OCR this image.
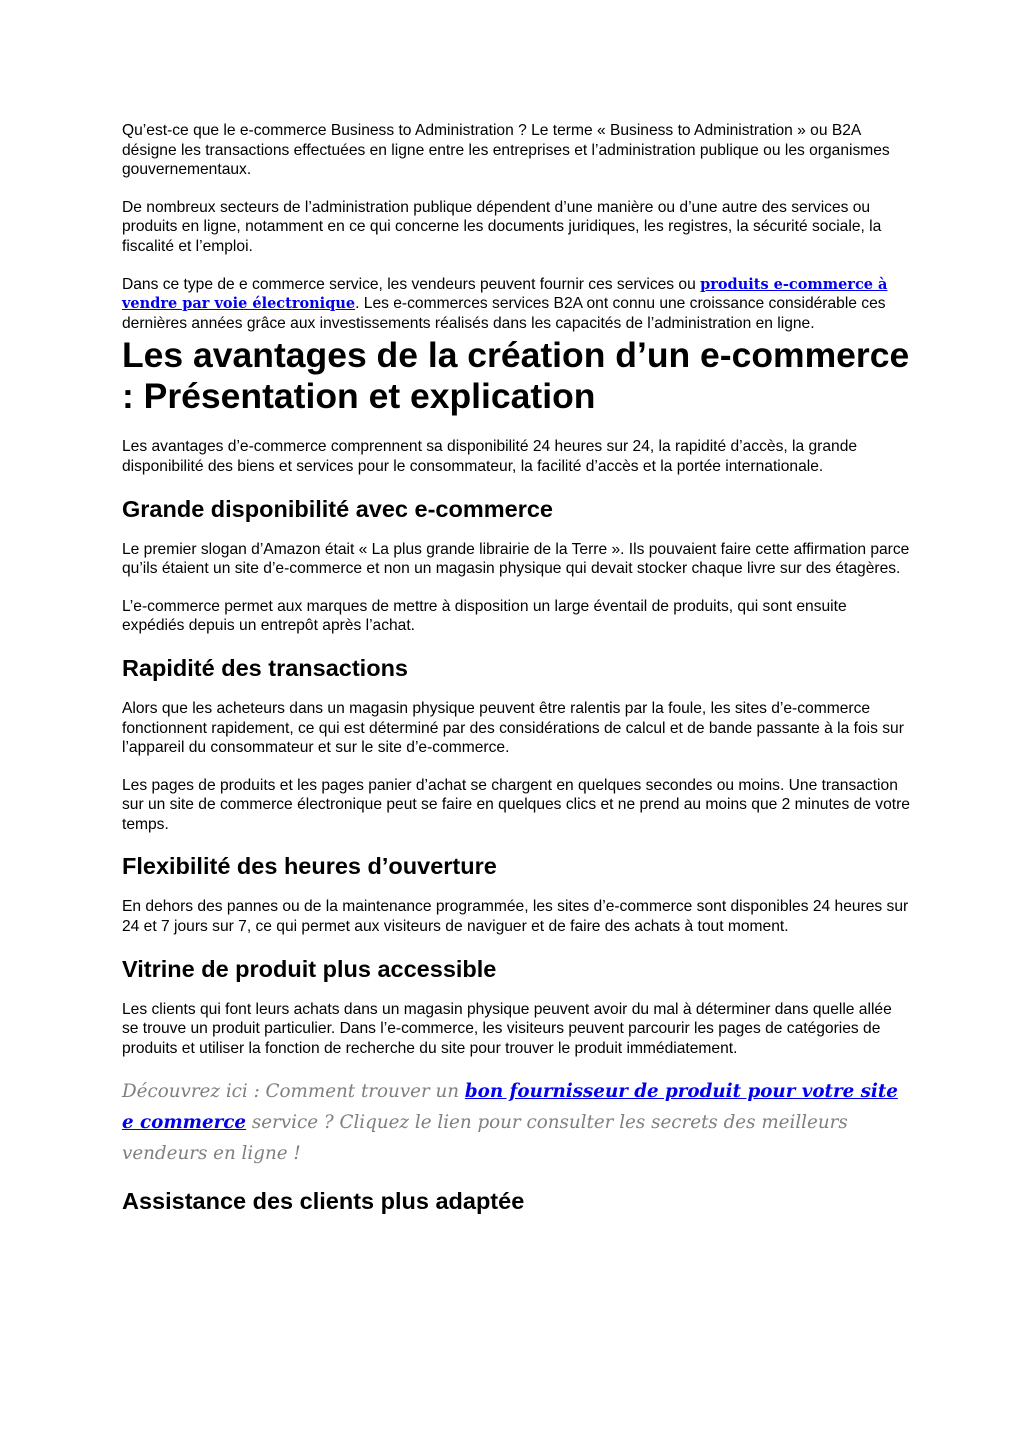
Qu’est-ce que le e-commerce Business to Administration ? Le terme « Business to Administration » ou B2A désigne les transactions effectuées en ligne entre les entreprises et l’administration publique ou les organismes gouvernementaux.

De nombreux secteurs de l’administration publique dépendent d’une manière ou d’une autre des services ou produits en ligne, notamment en ce qui concerne les documents juridiques, les registres, la sécurité sociale, la fiscalité et l’emploi.

Dans ce type de e commerce service, les vendeurs peuvent fournir ces services ou produits e-commerce à vendre par voie électronique. Les e-commerces services B2A ont connu une croissance considérable ces dernières années grâce aux investissements réalisés dans les capacités de l’administration en ligne.

Les avantages de la création d’un e-commerce : Présentation et explication

Les avantages d’e-commerce comprennent sa disponibilité 24 heures sur 24, la rapidité d’accès, la grande disponibilité des biens et services pour le consommateur, la facilité d’accès et la portée internationale.

Grande disponibilité avec e-commerce

Le premier slogan d’Amazon était « La plus grande librairie de la Terre ». Ils pouvaient faire cette affirmation parce qu’ils étaient un site d’e-commerce et non un magasin physique qui devait stocker chaque livre sur des étagères.

L’e-commerce permet aux marques de mettre à disposition un large éventail de produits, qui sont ensuite expédiés depuis un entrepôt après l’achat.

Rapidité des transactions

Alors que les acheteurs dans un magasin physique peuvent être ralentis par la foule, les sites d’e-commerce fonctionnent rapidement, ce qui est déterminé par des considérations de calcul et de bande passante à la fois sur l’appareil du consommateur et sur le site d’e-commerce.

Les pages de produits et les pages panier d’achat se chargent en quelques secondes ou moins. Une transaction sur un site de commerce électronique peut se faire en quelques clics et ne prend au moins que 2 minutes de votre temps.

Flexibilité des heures d’ouverture

En dehors des pannes ou de la maintenance programmée, les sites d’e-commerce sont disponibles 24 heures sur 24 et 7 jours sur 7, ce qui permet aux visiteurs de naviguer et de faire des achats à tout moment.

Vitrine de produit plus accessible

Les clients qui font leurs achats dans un magasin physique peuvent avoir du mal à déterminer dans quelle allée se trouve un produit particulier. Dans l’e-commerce, les visiteurs peuvent parcourir les pages de catégories de produits et utiliser la fonction de recherche du site pour trouver le produit immédiatement.

Découvrez ici : Comment trouver un bon fournisseur de produit pour votre site e commerce service ? Cliquez le lien pour consulter les secrets des meilleurs vendeurs en ligne !
Assistance des clients plus adaptée
